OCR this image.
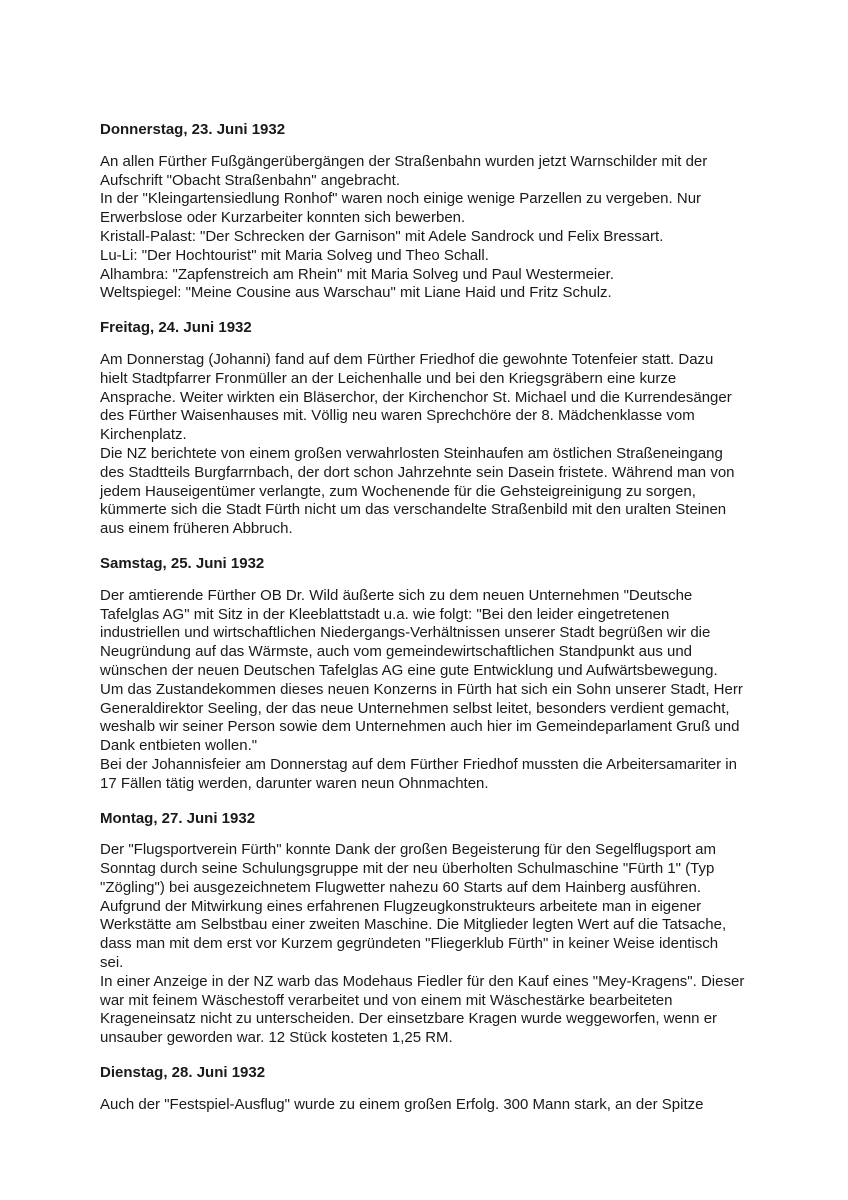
Donnerstag, 23. Juni 1932

An allen Fürther Fußgängerübergängen der Straßenbahn wurden jetzt Warnschilder mit der Aufschrift "Obacht Straßenbahn" angebracht.

In der "Kleingartensiedlung Ronhof" waren noch einige wenige Parzellen zu vergeben. Nur Erwerbslose oder Kurzarbeiter konnten sich bewerben.

Kristall-Palast: "Der Schrecken der Garnison" mit Adele Sandrock und Felix Bressart.

Lu-Li: "Der Hochtourist" mit Maria Solveg und Theo Schall.

Alhambra: "Zapfenstreich am Rhein" mit Maria Solveg und Paul Westermeier.

Weltspiegel: "Meine Cousine aus Warschau" mit Liane Haid und Fritz Schulz.

Freitag, 24. Juni 1932

Am Donnerstag (Johanni) fand auf dem Fürther Friedhof die gewohnte Totenfeier statt. Dazu hielt Stadtpfarrer Fronmüller an der Leichenhalle und bei den Kriegsgräbern eine kurze Ansprache. Weiter wirkten ein Bläserchor, der Kirchenchor St. Michael und die Kurrendesänger des Fürther Waisenhauses mit. Völlig neu waren Sprechchöre der 8. Mädchenklasse vom Kirchenplatz.

Die NZ berichtete von einem großen verwahrlosten Steinhaufen am östlichen Straßeneingang des Stadtteils Burgfarrnbach, der dort schon Jahrzehnte sein Dasein fristete. Während man von jedem Hauseigentümer verlangte, zum Wochenende für die Gehsteigreinigung zu sorgen, kümmerte sich die Stadt Fürth nicht um das verschandelte Straßenbild mit den uralten Steinen aus einem früheren Abbruch.

Samstag, 25. Juni 1932

Der amtierende Fürther OB Dr. Wild äußerte sich zu dem neuen Unternehmen "Deutsche Tafelglas AG" mit Sitz in der Kleeblattstadt u.a. wie folgt: "Bei den leider eingetretenen industriellen und wirtschaftlichen Niedergangs-Verhältnissen unserer Stadt begrüßen wir die Neugründung auf das Wärmste, auch vom gemeindewirtschaftlichen Standpunkt aus und wünschen der neuen Deutschen Tafelglas AG eine gute Entwicklung und Aufwärtsbewegung. Um das Zustandekommen dieses neuen Konzerns in Fürth hat sich ein Sohn unserer Stadt, Herr Generaldirektor Seeling, der das neue Unternehmen selbst leitet, besonders verdient gemacht, weshalb wir seiner Person sowie dem Unternehmen auch hier im Gemeindeparlament Gruß und Dank entbieten wollen."

Bei der Johannisfeier am Donnerstag auf dem Fürther Friedhof mussten die Arbeitersamariter in 17 Fällen tätig werden, darunter waren neun Ohnmachten.

Montag, 27. Juni 1932

Der "Flugsportverein Fürth" konnte Dank der großen Begeisterung für den Segelflugsport am Sonntag durch seine Schulungsgruppe mit der neu überholten Schulmaschine "Fürth 1" (Typ "Zögling") bei ausgezeichnetem Flugwetter nahezu 60 Starts auf dem Hainberg ausführen. Aufgrund der Mitwirkung eines erfahrenen Flugzeugkonstrukteurs arbeitete man in eigener Werkstätte am Selbstbau einer zweiten Maschine. Die Mitglieder legten Wert auf die Tatsache, dass man mit dem erst vor Kurzem gegründeten "Fliegerklub Fürth" in keiner Weise identisch sei.

In einer Anzeige in der NZ warb das Modehaus Fiedler für den Kauf eines "Mey-Kragens". Dieser war mit feinem Wäschestoff verarbeitet und von einem mit Wäschestärke bearbeiteten Krageneinsatz nicht zu unterscheiden. Der einsetzbare Kragen wurde weggeworfen, wenn er unsauber geworden war. 12 Stück kosteten 1,25 RM.

Dienstag, 28. Juni 1932

Auch der "Festspiel-Ausflug" wurde zu einem großen Erfolg. 300 Mann stark, an der Spitze
